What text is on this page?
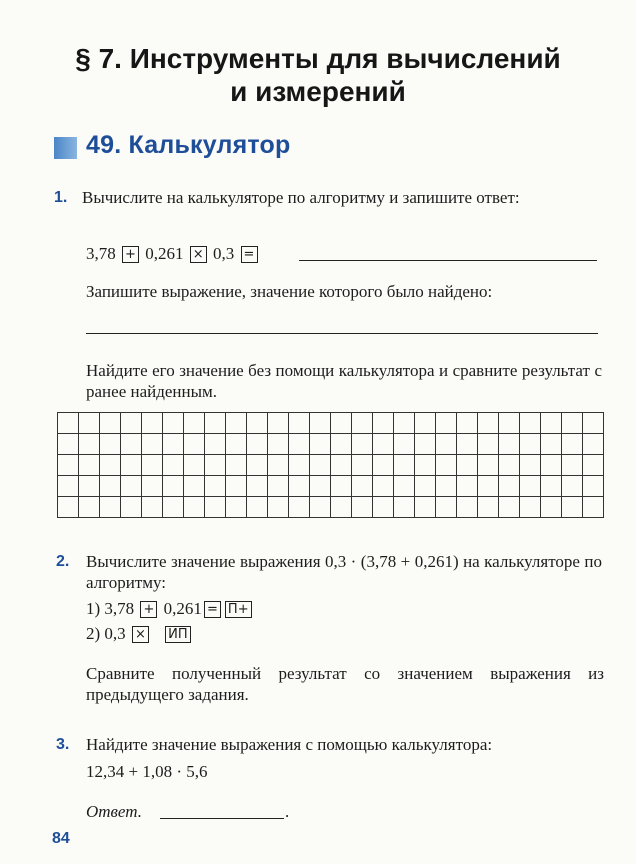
§ 7. Инструменты для вычислений
и измерений
49. Калькулятор
1. Вычислите на калькуляторе по алгоритму и запишите ответ:
3,78 + 0,261 × 0,3 =
Запишите выражение, значение которого было найдено:
Найдите его значение без помощи калькулятора и сравните результат с ранее найденным.
2. Вычислите значение выражения 0,3 · (3,78 + 0,261) на калькуляторе по алгоритму:
1) 3,78 + 0,261 = П+
2) 0,3 × ИП
Сравните полученный результат со значением выражения из предыдущего задания.
3. Найдите значение выражения с помощью калькулятора:
12,34 + 1,08 · 5,6
Ответ.	.
84
